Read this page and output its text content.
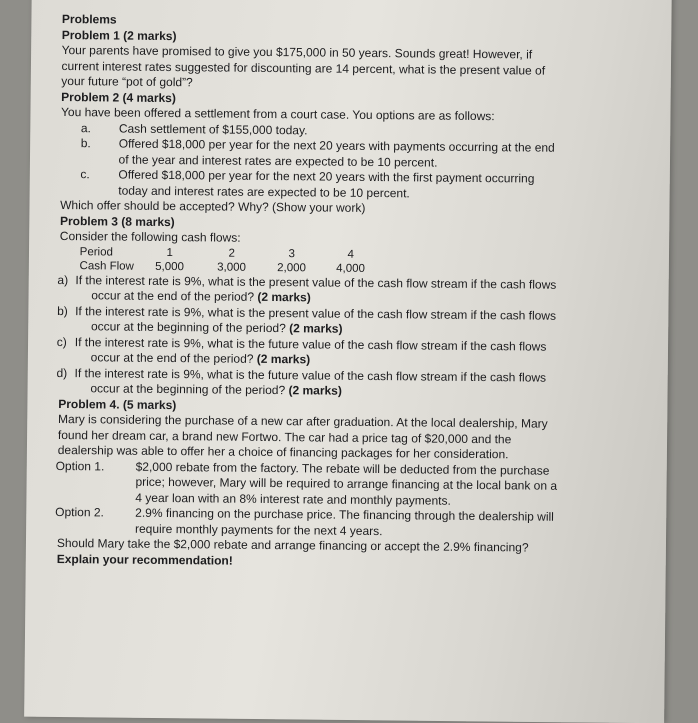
Problems

Problem 1 (2 marks)

Your parents have promised to give you $175,000 in 50 years. Sounds great! However, if

current interest rates suggested for discounting are 14 percent, what is the present value of

your future “pot of gold”?

Problem 2 (4 marks)

You have been offered a settlement from a court case. You options are as follows:

a.	Cash settlement of $155,000 today.

b.	Offered $18,000 per year for the next 20 years with payments occurring at the end

of the year and interest rates are expected to be 10 percent.

c.	Offered $18,000 per year for the next 20 years with the first payment occurring

today and interest rates are expected to be 10 percent.

Which offer should be accepted? Why? (Show your work)

Problem 3 (8 marks)

Consider the following cash flows:

Period	1	2	3	4
Cash Flow	5,000	3,000	2,000	4,000
a) If the interest rate is 9%, what is the present value of the cash flow stream if the cash flows

occur at the end of the period? (2 marks)

b) If the interest rate is 9%, what is the present value of the cash flow stream if the cash flows

occur at the beginning of the period? (2 marks)

c) If the interest rate is 9%, what is the future value of the cash flow stream if the cash flows

occur at the end of the period? (2 marks)

d) If the interest rate is 9%, what is the future value of the cash flow stream if the cash flows

occur at the beginning of the period? (2 marks)

Problem 4. (5 marks)

Mary is considering the purchase of a new car after graduation. At the local dealership, Mary

found her dream car, a brand new Fortwo. The car had a price tag of $20,000 and the

dealership was able to offer her a choice of financing packages for her consideration.

Option 1.	$2,000 rebate from the factory. The rebate will be deducted from the purchase

price; however, Mary will be required to arrange financing at the local bank on a

4 year loan with an 8% interest rate and monthly payments.

Option 2.	2.9% financing on the purchase price. The financing through the dealership will

require monthly payments for the next 4 years.

Should Mary take the $2,000 rebate and arrange financing or accept the 2.9% financing?

Explain your recommendation!
